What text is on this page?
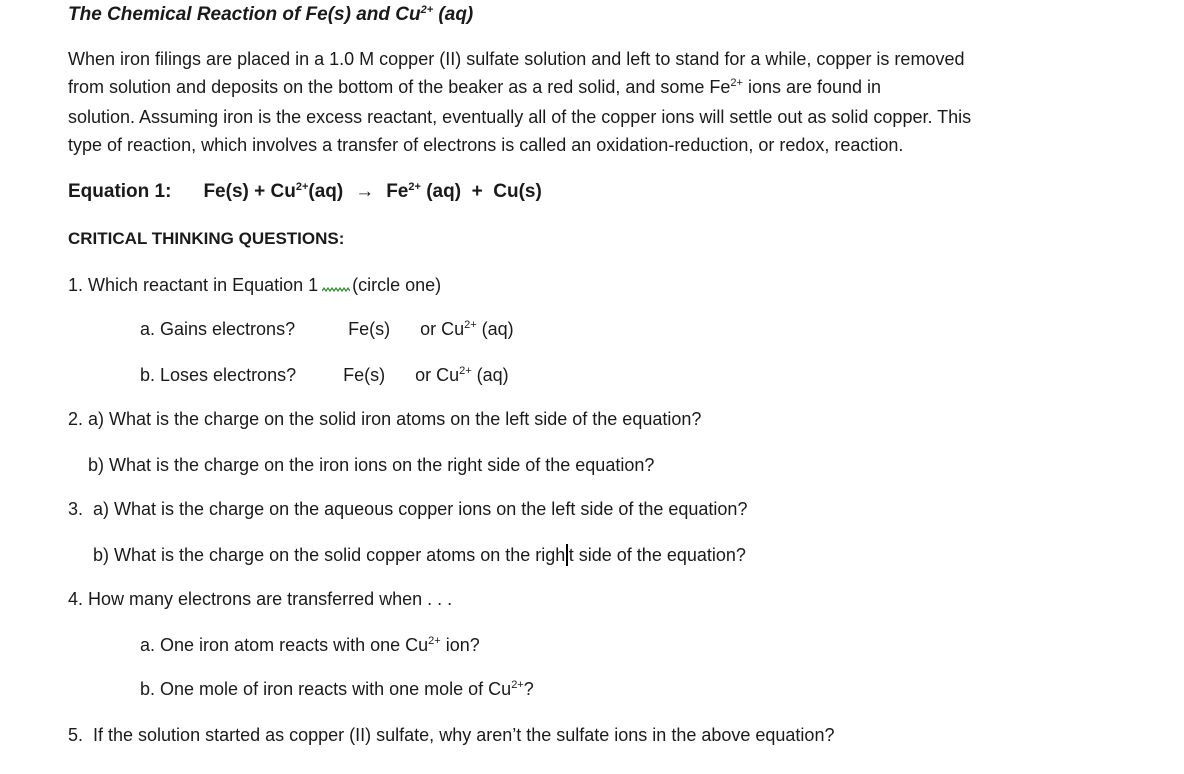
The Chemical Reaction of Fe(s) and $Cu^{2+}$ (aq)
When iron filings are placed in a 1.0 M copper (II) sulfate solution and left to stand for a while, copper is removed
from solution and deposits on the bottom of the beaker as a red solid, and some $Fe^{2+}$ ions are found in
solution. Assuming iron is the excess reactant, eventually all of the copper ions will settle out as solid copper. This
type of reaction, which involves a transfer of electrons is called an oxidation-reduction, or redox, reaction.
Equation 1: $Fe(s) + Cu^{2+}(aq) \to Fe^{2+}$ (aq)  +  Cu(s)
CRITICAL THINKING QUESTIONS:
1. Which reactant in Equation 1 (circle one)
a. Gains electrons?	Fe(s) or $Cu^{2+}$ (aq)
b. Loses electrons?	Fe(s) or $Cu^{2+}$ (aq)
2. a) What is the charge on the solid iron atoms on the left side of the equation?
b) What is the charge on the iron ions on the right side of the equation?
3.  a) What is the charge on the aqueous copper ions on the left side of the equation?
b) What is the charge on the solid copper atoms on the righ t side of the equation?
4. How many electrons are transferred when . . .
a. One iron atom reacts with one $Cu^{2+}$ ion?
b. One mole of iron reacts with one mole of $Cu^{2+}$?
5.  If the solution started as copper (II) sulfate, why aren’t the sulfate ions in the above equation?
